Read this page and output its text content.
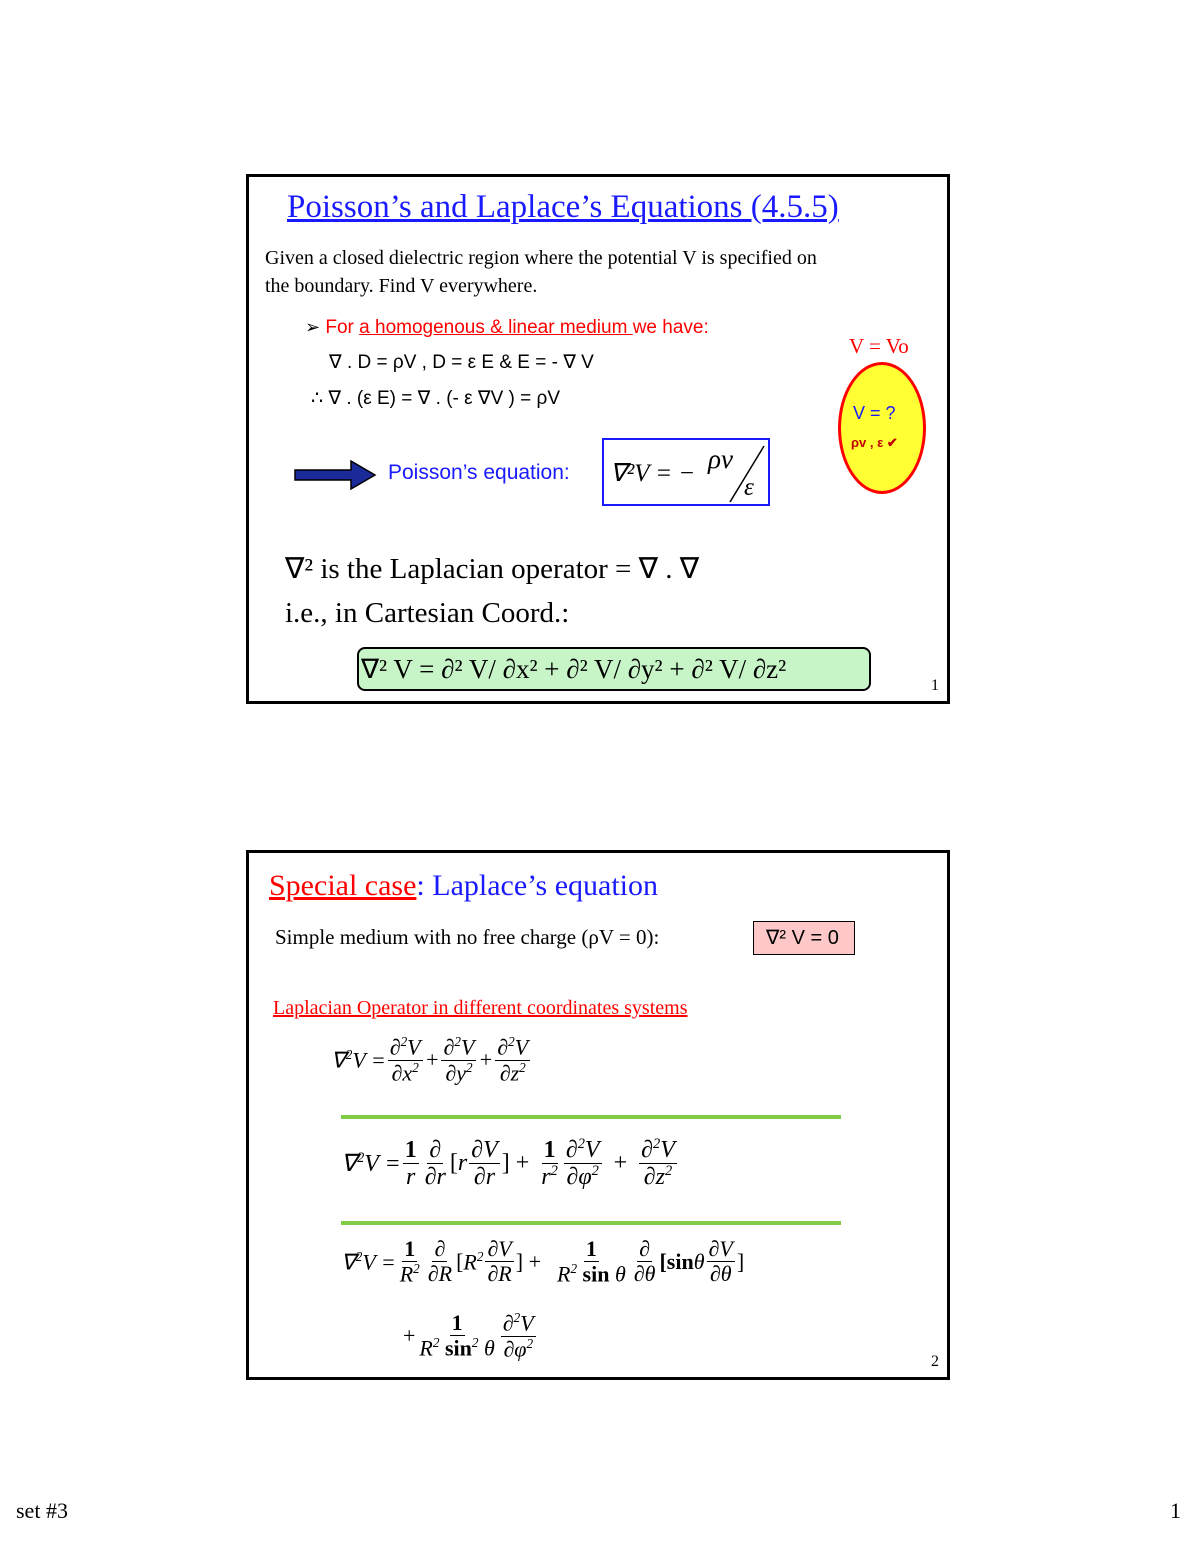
Poisson’s and Laplace’s Equations (4.5.5)
Given a closed dielectric region where the potential V is specified on
the boundary. Find V everywhere.
➢ For a homogenous & linear medium we have:
∇ . D = ρV , D = ε E & E = - ∇ V
∴ ∇ . (ε E) = ∇ . (- ε ∇V ) = ρV
Poisson’s equation: ∇²V = − ρv
ε
V = Vo
V = ?
ρv , ε ✔
∇² is the Laplacian operator = ∇ . ∇
i.e., in Cartesian Coord.:
∇² V = ∂² V/ ∂x² + ∂² V/ ∂y² + ∂² V/ ∂z²
1
Special case: Laplace’s equation
Simple medium with no free charge (ρV = 0):	∇² V = 0
Laplacian Operator in different coordinates systems
$\nabla^2V = \frac{\partial^2V}{\partial x^2} + \frac{\partial^2V}{\partial y^2} + \frac{\partial^2V}{\partial z^2}$
$\nabla^2V = \frac{1}{r} \frac{\partial}{\partial r}$ [ r $\frac{\partial V}{\partial r}$ ] + $\frac{1}{r^2} \frac{\partial^2V}{\partial\varphi^2} + \frac{\partial^2V}{\partial z^2}$
$\nabla^2V = \frac{1}{R^2} \frac{\partial}{\partial R}$ [ $R^2 \frac{\partial V}{\partial R}$ ] + $\frac{1}{R^2 \sin \theta} \frac{\partial}{\partial\theta} [\sin$ θ $\frac{\partial V}{\partial\theta}$ ]
+ $\frac{1}{R^2 \sin^2 \theta} \frac{\partial^2V}{\partial\varphi^2}$
2
set #3	1
